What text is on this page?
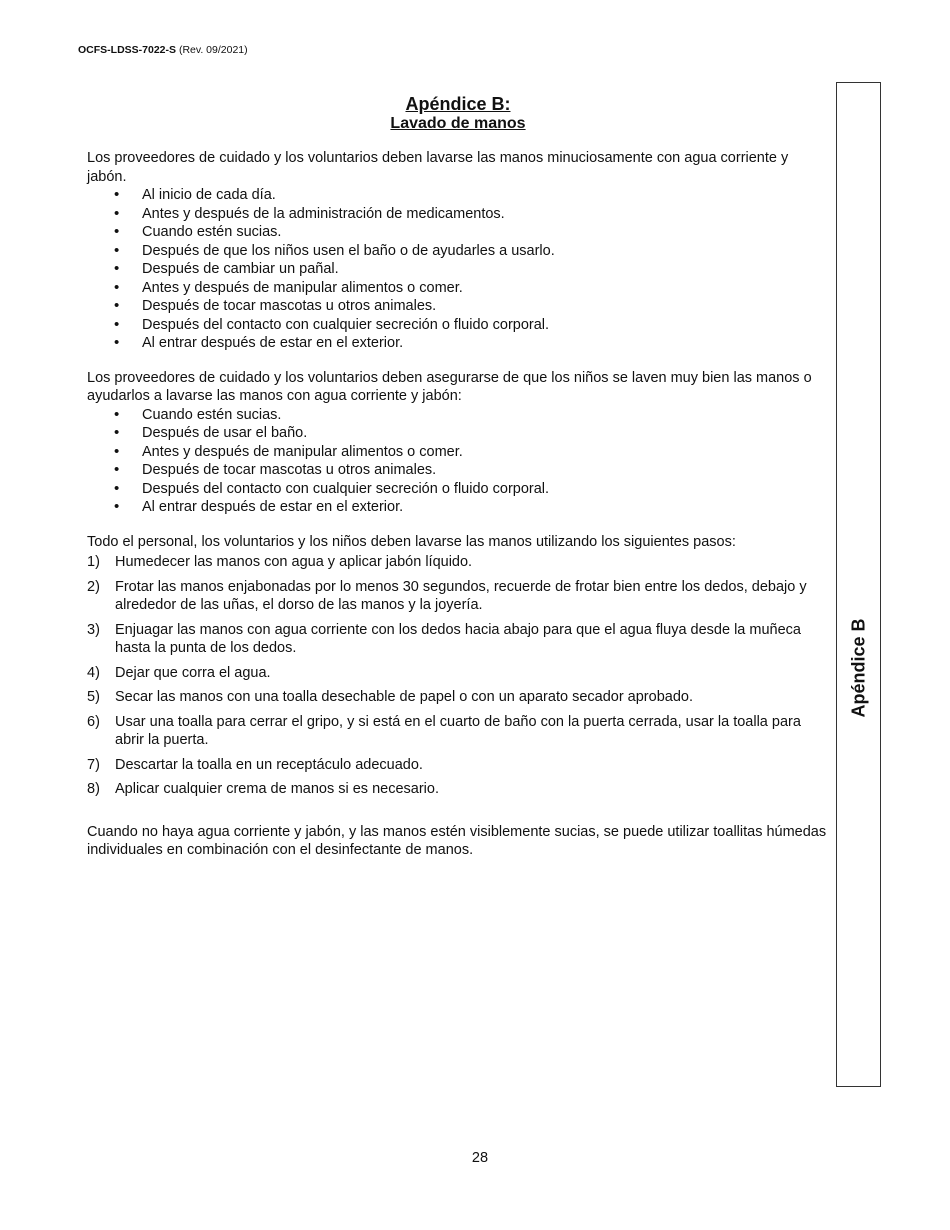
OCFS-LDSS-7022-S (Rev. 09/2021)
Apéndice B
Apéndice B:
Lavado de manos

Los proveedores de cuidado y los voluntarios deben lavarse las manos minuciosamente con agua corriente y jabón.

• Al inicio de cada día.
• Antes y después de la administración de medicamentos.
• Cuando estén sucias.
• Después de que los niños usen el baño o de ayudarles a usarlo.
• Después de cambiar un pañal.
• Antes y después de manipular alimentos o comer.
• Después de tocar mascotas u otros animales.
• Después del contacto con cualquier secreción o fluido corporal.
• Al entrar después de estar en el exterior.

Los proveedores de cuidado y los voluntarios deben asegurarse de que los niños se laven muy bien las manos o ayudarlos a lavarse las manos con agua corriente y jabón:

• Cuando estén sucias.
• Después de usar el baño.
• Antes y después de manipular alimentos o comer.
• Después de tocar mascotas u otros animales.
• Después del contacto con cualquier secreción o fluido corporal.
• Al entrar después de estar en el exterior.

Todo el personal, los voluntarios y los niños deben lavarse las manos utilizando los siguientes pasos:

1) Humedecer las manos con agua y aplicar jabón líquido.
2) Frotar las manos enjabonadas por lo menos 30 segundos, recuerde de frotar bien entre los dedos, debajo y alrededor de las uñas, el dorso de las manos y la joyería.
3) Enjuagar las manos con agua corriente con los dedos hacia abajo para que el agua fluya desde la muñeca hasta la punta de los dedos.
4) Dejar que corra el agua.
5) Secar las manos con una toalla desechable de papel o con un aparato secador aprobado.
6) Usar una toalla para cerrar el gripo, y si está en el cuarto de baño con la puerta cerrada, usar la toalla para abrir la puerta.
7) Descartar la toalla en un receptáculo adecuado.
8) Aplicar cualquier crema de manos si es necesario.

Cuando no haya agua corriente y jabón, y las manos estén visiblemente sucias, se puede utilizar toallitas húmedas individuales en combinación con el desinfectante de manos.

28
